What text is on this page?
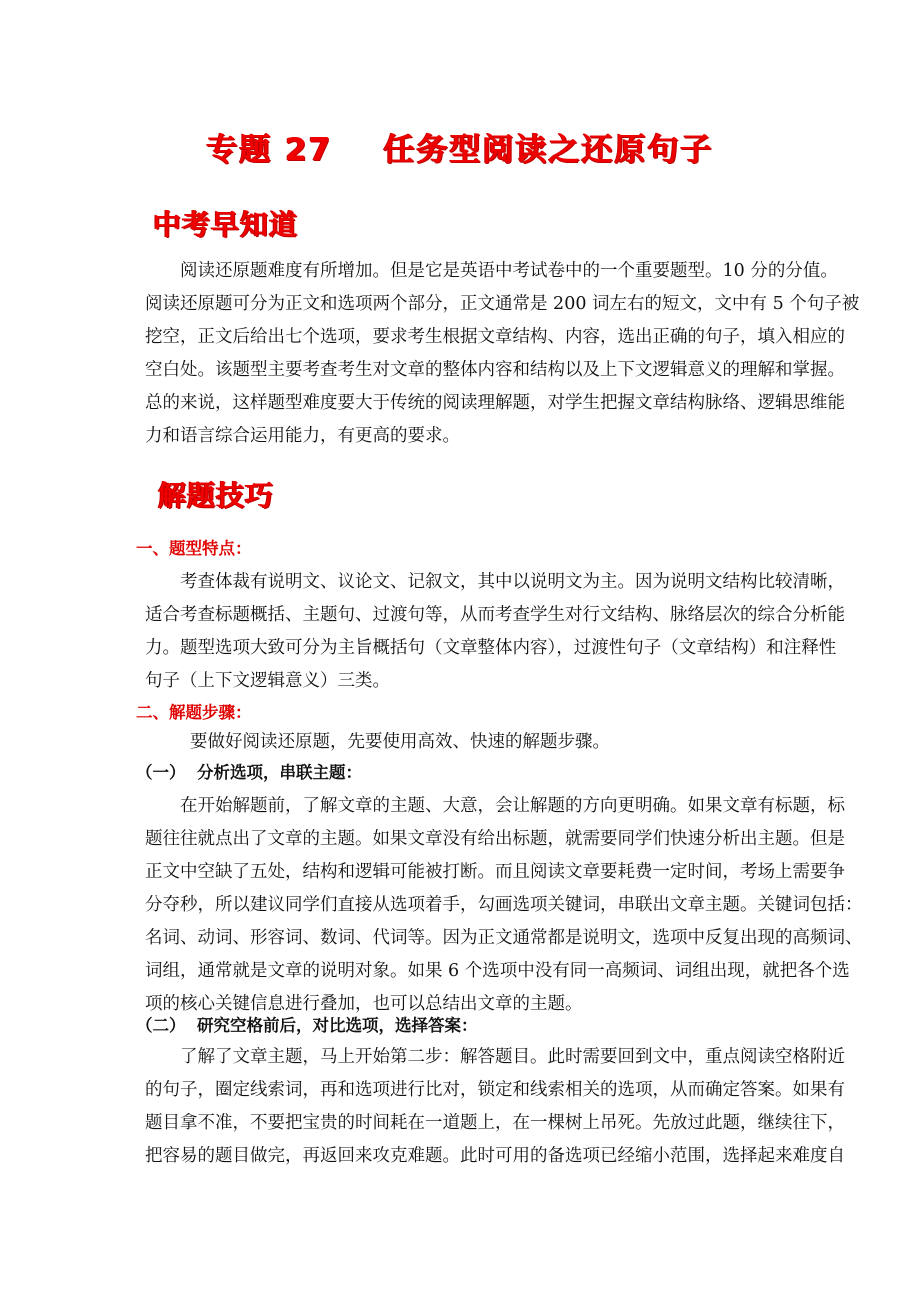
专题 27    任务型阅读之还原句子
中考早知道
阅读还原题难度有所增加。但是它是英语中考试卷中的一个重要题型。10 分的分值。
阅读还原题可分为正文和选项两个部分，正文通常是 200 词左右的短文，文中有 5 个句子被
挖空，正文后给出七个选项，要求考生根据文章结构、内容，选出正确的句子，填入相应的
空白处。该题型主要考查考生对文章的整体内容和结构以及上下文逻辑意义的理解和掌握。
总的来说，这样题型难度要大于传统的阅读理解题，对学生把握文章结构脉络、逻辑思维能
力和语言综合运用能力，有更高的要求。
解题技巧
一、题型特点：
考查体裁有说明文、议论文、记叙文，其中以说明文为主。因为说明文结构比较清晰，
适合考查标题概括、主题句、过渡句等，从而考查学生对行文结构、脉络层次的综合分析能
力。题型选项大致可分为主旨概括句（文章整体内容），过渡性句子（文章结构）和注释性
句子（上下文逻辑意义）三类。
二、解题步骤：
要做好阅读还原题，先要使用高效、快速的解题步骤。
（一）  分析选项，串联主题：
在开始解题前，了解文章的主题、大意，会让解题的方向更明确。如果文章有标题，标
题往往就点出了文章的主题。如果文章没有给出标题，就需要同学们快速分析出主题。但是
正文中空缺了五处，结构和逻辑可能被打断。而且阅读文章要耗费一定时间，考场上需要争
分夺秒，所以建议同学们直接从选项着手，勾画选项关键词，串联出文章主题。关键词包括：
名词、动词、形容词、数词、代词等。因为正文通常都是说明文，选项中反复出现的高频词、
词组，通常就是文章的说明对象。如果 6 个选项中没有同一高频词、词组出现，就把各个选
项的核心关键信息进行叠加，也可以总结出文章的主题。
（二）  研究空格前后，对比选项，选择答案：
了解了文章主题，马上开始第二步：解答题目。此时需要回到文中，重点阅读空格附近
的句子，圈定线索词，再和选项进行比对，锁定和线索相关的选项，从而确定答案。如果有
题目拿不准，不要把宝贵的时间耗在一道题上，在一棵树上吊死。先放过此题，继续往下，
把容易的题目做完，再返回来攻克难题。此时可用的备选项已经缩小范围，选择起来难度自
